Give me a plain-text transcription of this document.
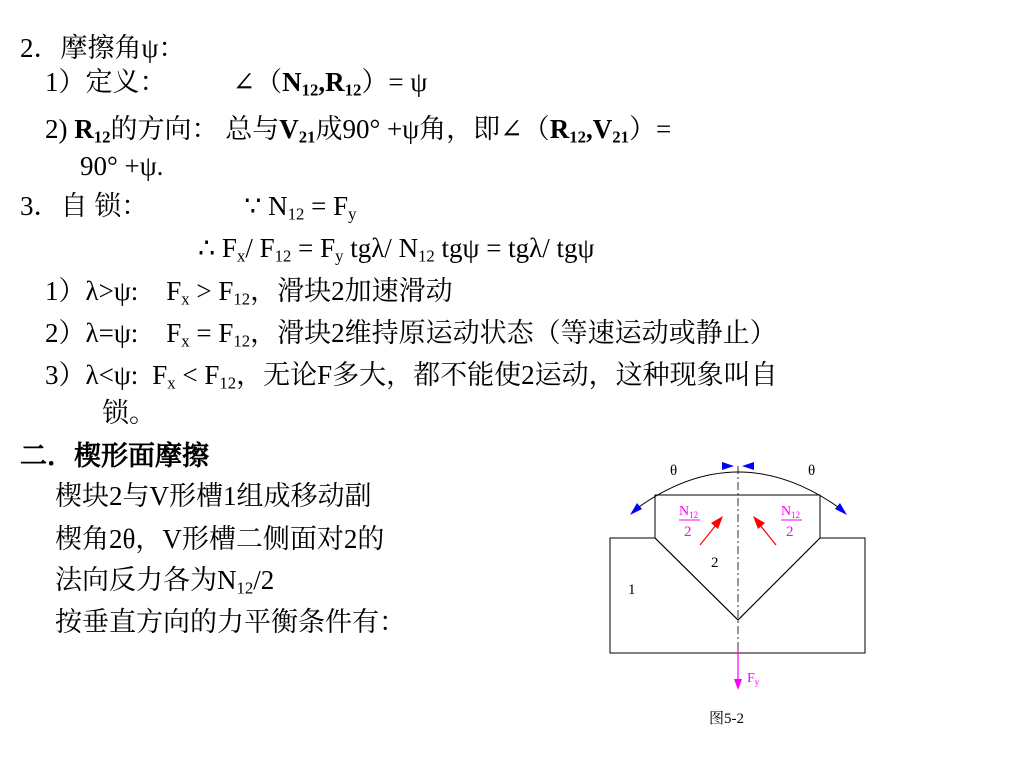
2．摩擦角ψ：
1）定义： $\angle(N_{12},R_{12})= \psi$
2) $R_{12}$的方向： 总与$V_{21}$成90° +ψ角，即$\angle(R_{12},V_{21})=$
90° +ψ.
3．自 锁：	∵ $N_{12} = F_y$
∴ $F_x/$ $F_{12} = F_y$ tgλ/ $N_{12}$ tgψ = tgλ/ tgψ
1）λ>ψ: $F_x > F_{12}$，滑块2加速滑动
2）λ=ψ: $F_x = F_{12}$，滑块2维持原运动状态（等速运动或静止）
3）λ<ψ: $F_x < F_{12}$，无论F多大，都不能使2运动，这种现象叫自
锁。
二．楔形面摩擦
楔块2与V形槽1组成移动副
楔角2θ，V形槽二侧面对2的
法向反力各为$N_{12}/2$
按垂直方向的力平衡条件有：
θ	θ
$N_{12}$
2
$N_{12}$
2
2
1
$F_y$
图5-2
